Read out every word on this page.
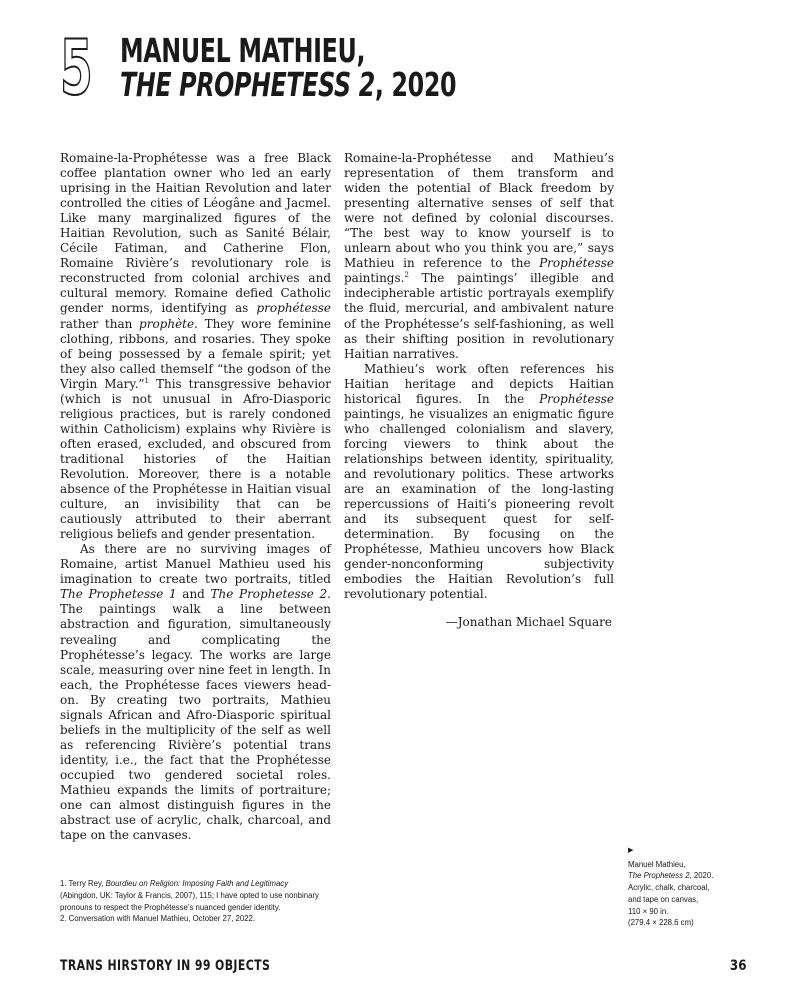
5 MANUEL MATHIEU,
THE PROPHETESS 2, 2020

Romaine-la-Prophétesse was a free Black coffee plantation owner who led an early uprising in the Haitian Revolution and later controlled the cities of Léogâne and Jacmel. Like many marginalized figures of the Haitian Revolution, such as Sanité Bélair, Cécile Fatiman, and Catherine Flon, Romaine Rivière’s revolutionary role is reconstructed from colonial archives and cultural memory. Romaine defied Catholic gender norms, identifying as prophétesse rather than prophète. They wore feminine clothing, ribbons, and rosaries. They spoke of being possessed by a female spirit; yet they also called themself “the godson of the Virgin Mary.”$^1$ This transgressive behavior (which is not unusual in Afro-Diasporic religious practices, but is rarely condoned within Catholicism) explains why Rivière is often erased, excluded, and obscured from traditional histories of the Haitian Revolution. Moreover, there is a notable absence of the Prophétesse in Haitian visual culture, an invisibility that can be cautiously attributed to their aberrant religious beliefs and gender presentation.

As there are no surviving images of Romaine, artist Manuel Mathieu used his imagination to create two portraits, titled The Prophetesse 1 and The Prophetesse 2. The paintings walk a line between abstraction and figuration, simultaneously revealing and complicating the Prophétesse’s legacy. The works are large scale, measuring over nine feet in length. In each, the Prophétesse faces viewers head-on. By creating two portraits, Mathieu signals African and Afro-Diasporic spiritual beliefs in the multiplicity of the self as well as referencing Rivière’s potential trans identity, i.e., the fact that the Prophétesse occupied two gendered societal roles. Mathieu expands the limits of portraiture; one can almost distinguish figures in the abstract use of acrylic, chalk, charcoal, and tape on the canvases.

Romaine-la-Prophétesse and Mathieu’s representation of them transform and widen the potential of Black freedom by presenting alternative senses of self that were not defined by colonial discourses. “The best way to know yourself is to unlearn about who you think you are,” says Mathieu in reference to the Prophétesse paintings.$^2$ The paintings’ illegible and indecipherable artistic portrayals exemplify the fluid, mercurial, and ambivalent nature of the Prophétesse’s self-fashioning, as well as their shifting position in revolutionary Haitian narratives.

Mathieu’s work often references his Haitian heritage and depicts Haitian historical figures. In the Prophétesse paintings, he visualizes an enigmatic figure who challenged colonialism and slavery, forcing viewers to think about the relationships between identity, spirituality, and revolutionary politics. These artworks are an examination of the long-lasting repercussions of Haiti’s pioneering revolt and its subsequent quest for self-determination. By focusing on the Prophétesse, Mathieu uncovers how Black gender-nonconforming subjectivity embodies the Haitian Revolution’s full revolutionary potential.

—Jonathan Michael Square
1. Terry Rey, Bourdieu on Religion: Imposing Faith and Legitimacy
(Abingdon, UK: Taylor & Francis, 2007), 115; I have opted to use nonbinary
pronouns to respect the Prophétesse’s nuanced gender identity.
2. Conversation with Manuel Mathieu, October 27, 2022.
▶
Manuel Mathieu,
The Prophetess 2, 2020.
Acrylic, chalk, charcoal,
and tape on canvas,
110 × 90 in.
(279.4 × 228.6 cm)
TRANS HIRSTORY IN 99 OBJECTS	36
